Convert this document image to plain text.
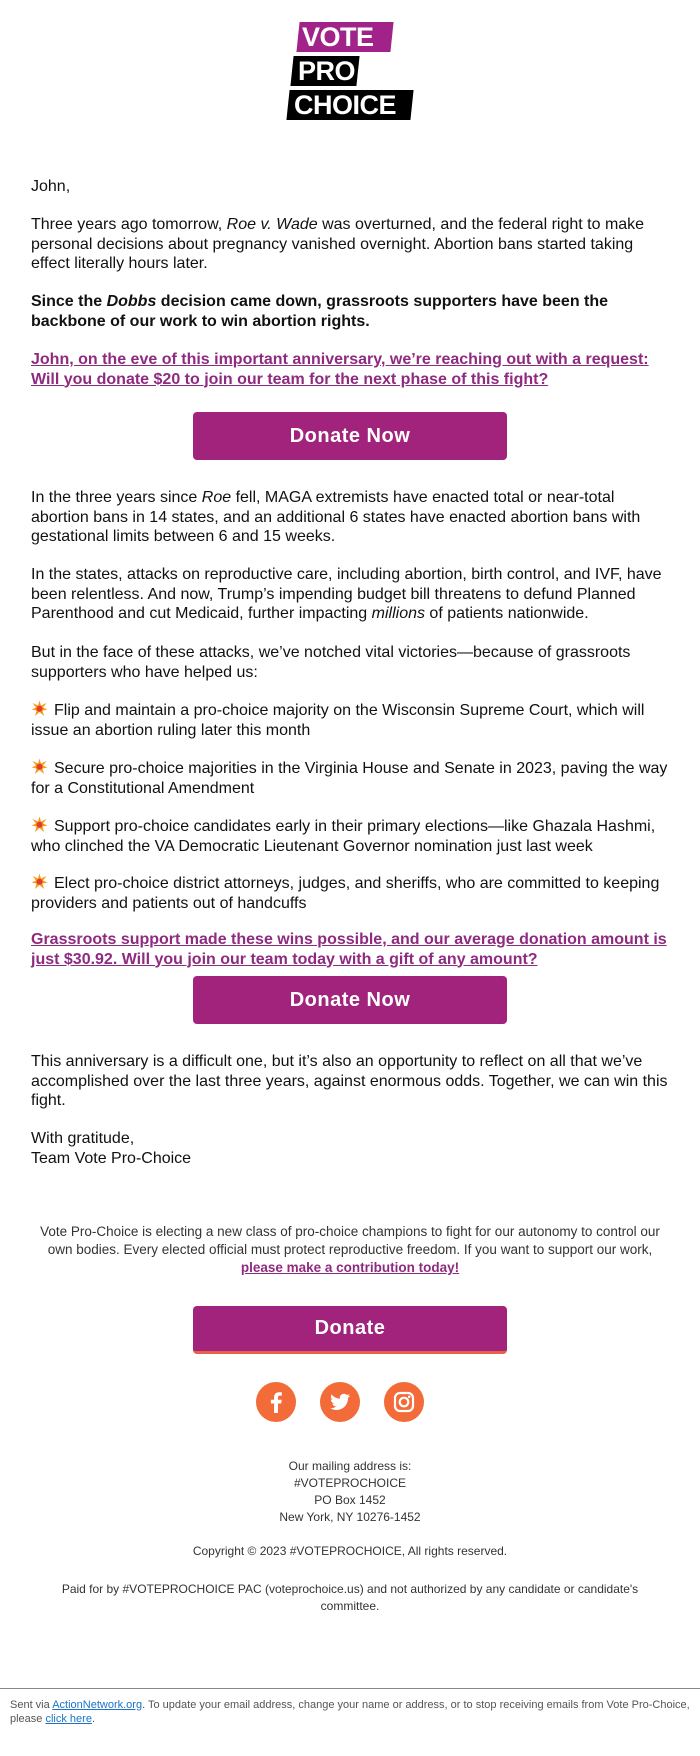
VOTE
PRO
CHOICE

John,

Three years ago tomorrow, Roe v. Wade was overturned, and the federal right to make personal decisions about pregnancy vanished overnight. Abortion bans started taking effect literally hours later.

Since the Dobbs decision came down, grassroots supporters have been the backbone of our work to win abortion rights.

John, on the eve of this important anniversary, we’re reaching out with a request: Will you donate $20 to join our team for the next phase of this fight?

In the three years since Roe fell, MAGA extremists have enacted total or near-total abortion bans in 14 states, and an additional 6 states have enacted abortion bans with gestational limits between 6 and 15 weeks.

In the states, attacks on reproductive care, including abortion, birth control, and IVF, have been relentless. And now, Trump’s impending budget bill threatens to defund Planned Parenthood and cut Medicaid, further impacting millions of patients nationwide.

But in the face of these attacks, we’ve notched vital victories—because of grassroots supporters who have helped us:

Flip and maintain a pro-choice majority on the Wisconsin Supreme Court, which will issue an abortion ruling later this month

Secure pro-choice majorities in the Virginia House and Senate in 2023, paving the way for a Constitutional Amendment

Support pro-choice candidates early in their primary elections—like Ghazala Hashmi, who clinched the VA Democratic Lieutenant Governor nomination just last week

Elect pro-choice district attorneys, judges, and sheriffs, who are committed to keeping providers and patients out of handcuffs

Grassroots support made these wins possible, and our average donation amount is just $30.92. Will you join our team today with a gift of any amount?

This anniversary is a difficult one, but it’s also an opportunity to reflect on all that we’ve accomplished over the last three years, against enormous odds. Together, we can win this fight.

With gratitude,
Team Vote Pro-Choice

Donate Now
Donate Now
Vote Pro-Choice is electing a new class of pro-choice champions to fight for our autonomy to control our own bodies. Every elected official must protect reproductive freedom. If you want to support our work, please make a contribution today!
Donate
Our mailing address is:
#VOTEPROCHOICE
PO Box 1452
New York, NY 10276-1452
Copyright © 2023 #VOTEPROCHOICE, All rights reserved.
Paid for by #VOTEPROCHOICE PAC (voteprochoice.us) and not authorized by any candidate or candidate's committee.
Sent via ActionNetwork.org. To update your email address, change your name or address, or to stop receiving emails from Vote Pro-Choice, please click here.
